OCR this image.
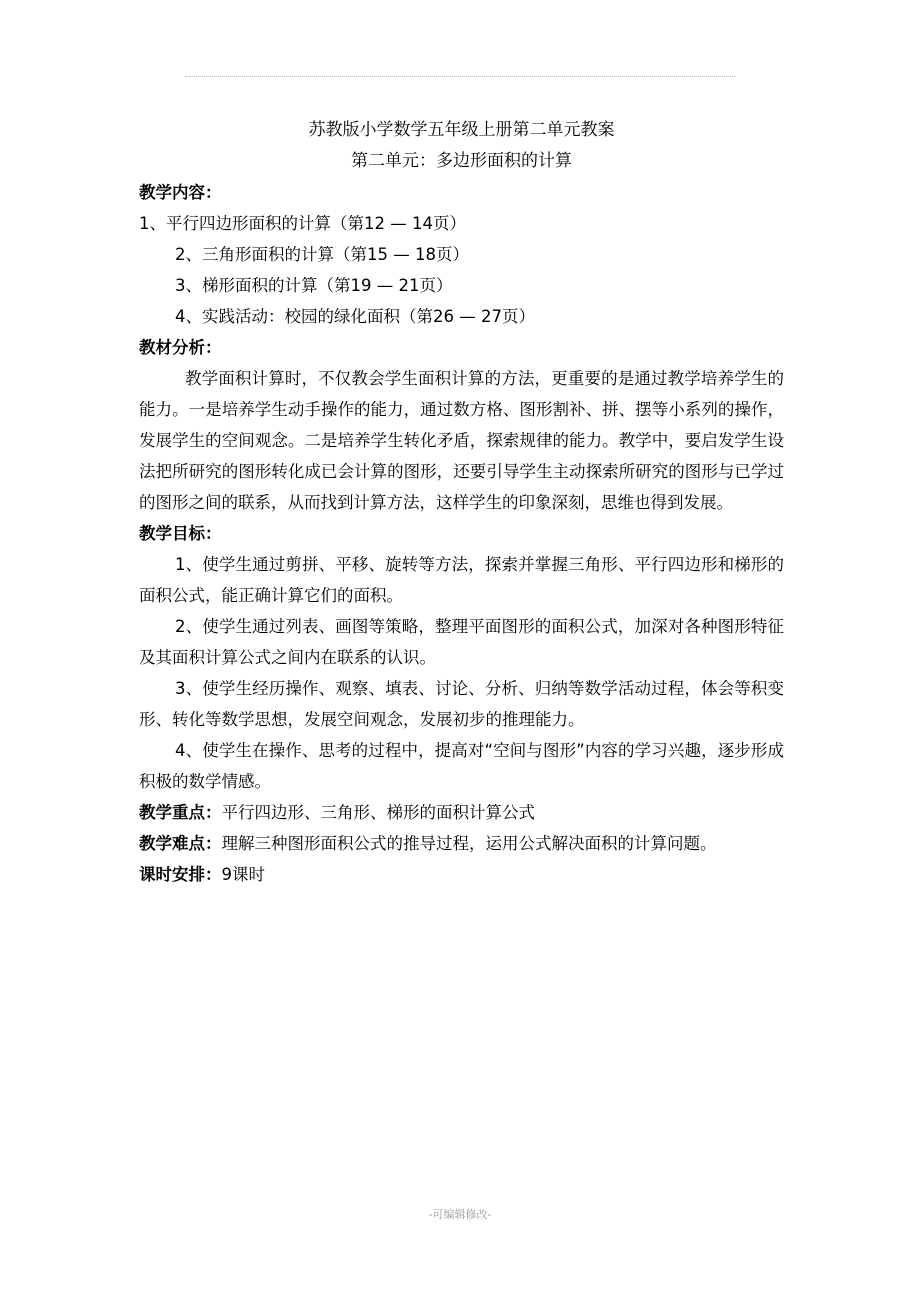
苏教版小学数学五年级上册第二单元教案

第二单元：多边形面积的计算

教学内容：

1、平行四边形面积的计算（第12 — 14页）

2、三角形面积的计算（第15 — 18页）

3、梯形面积的计算（第19 — 21页）

4、实践活动：校园的绿化面积（第26 — 27页）

教材分析：

教学面积计算时，不仅教会学生面积计算的方法，更重要的是通过教学培养学生的能力。一是培养学生动手操作的能力，通过数方格、图形割补、拼、摆等小系列的操作，发展学生的空间观念。二是培养学生转化矛盾，探索规律的能力。教学中，要启发学生设法把所研究的图形转化成已会计算的图形，还要引导学生主动探索所研究的图形与已学过的图形之间的联系，从而找到计算方法，这样学生的印象深刻，思维也得到发展。

教学目标：

1、使学生通过剪拼、平移、旋转等方法，探索并掌握三角形、平行四边形和梯形的面积公式，能正确计算它们的面积。

2、使学生通过列表、画图等策略，整理平面图形的面积公式，加深对各种图形特征及其面积计算公式之间内在联系的认识。

3、使学生经历操作、观察、填表、讨论、分析、归纳等数学活动过程，体会等积变形、转化等数学思想，发展空间观念，发展初步的推理能力。

4、使学生在操作、思考的过程中，提高对“空间与图形”内容的学习兴趣，逐步形成积极的数学情感。

教学重点：平行四边形、三角形、梯形的面积计算公式

教学难点：理解三种图形面积公式的推导过程，运用公式解决面积的计算问题。

课时安排：9课时

-可编辑修改-
